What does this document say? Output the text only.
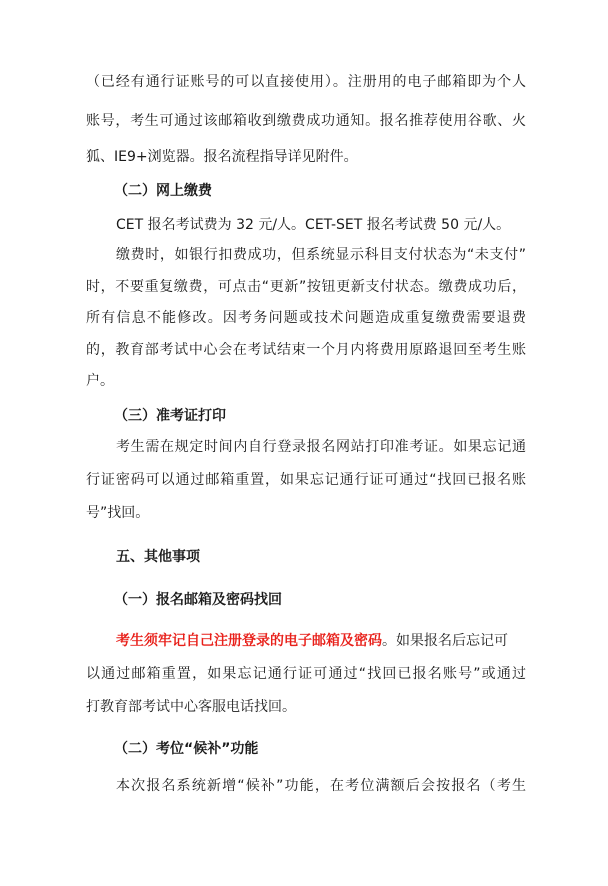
（已经有通行证账号的可以直接使用）。注册用的电子邮箱即为个人
账号，考生可通过该邮箱收到缴费成功通知。报名推荐使用谷歌、火
狐、IE9+浏览器。报名流程指导详见附件。
（二）网上缴费
CET 报名考试费为 32 元/人。CET-SET 报名考试费 50 元/人。
缴费时，如银行扣费成功，但系统显示科目支付状态为“未支付”
时，不要重复缴费，可点击“更新”按钮更新支付状态。缴费成功后，
所有信息不能修改。因考务问题或技术问题造成重复缴费需要退费
的，教育部考试中心会在考试结束一个月内将费用原路退回至考生账
户。
（三）准考证打印
考生需在规定时间内自行登录报名网站打印准考证。如果忘记通
行证密码可以通过邮箱重置，如果忘记通行证可通过“找回已报名账
号”找回。
五、其他事项
（一）报名邮箱及密码找回
考生须牢记自己注册登录的电子邮箱及密码。如果报名后忘记可
以通过邮箱重置，如果忘记通行证可通过“找回已报名账号”或通过
打教育部考试中心客服电话找回。
（二）考位“候补”功能
本次报名系统新增“候补”功能，在考位满额后会按报名（考生
